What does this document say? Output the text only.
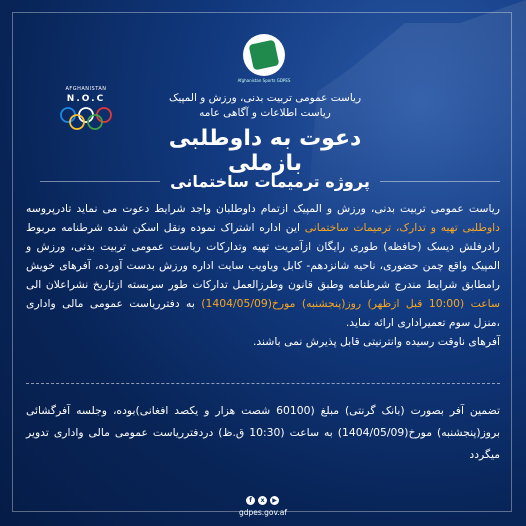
Afghanistan Sports GDPES
AFGHANISTAN
N.O.C	ریاست عمومی تربیت بدنی، ورزش و المپیک
ریاست اطلاعات و آگاهی عامه
دعوت به داوطلبی بازملی
پروژه ترمیمات ساختمانی

ریاست عمومی تربیت بدنی، ورزش و المپیک ازتمام داوطلبان واجد شرایط دعوت می نماید تادرپروسه داوطلبی تهیه و تدارک، ترمیمات ساختمانی این اداره اشتراک نموده ونقل اسکن شده شرطنامه مربوط رادرفلش دیسک (حافظه) طوری رایگان ازآمریت تهیه وتدارکات ریاست عمومی تربیت بدنی، ورزش و المپیک واقع چمن حضوری، ناحیه شانزدهم- کابل ویاویب سایت اداره ورزش بدست آورده، آفرهای خویش رامطابق شرایط مندرج شرطنامه وطبق قانون وطرزالعمل تدارکات طور سربسته ازتاریخ نشراعلان الی ساعت (10:00 قبل ازظهر) روز(پنجشنبه) مورخ(1404/05/09) به دفترریاست عمومی مالی واداری ،منزل سوم تعمیراداری ارائه نماید.

آفرهای ناوقت رسیده وانترنیتی قابل پذیرش نمی باشند.

تضمین آفر بصورت (بانک گرنتی) مبلغ (60100 شصت هزار و یکصد افغانی)بوده، وجلسه آفرگشائی بروز(پنجشنبه) مورخ(1404/05/09) به ساعت (10:30 ق.ظ) دردفترریاست عمومی مالی واداری تدویر میگردد
f	x	▶
gdpes.gov.af
